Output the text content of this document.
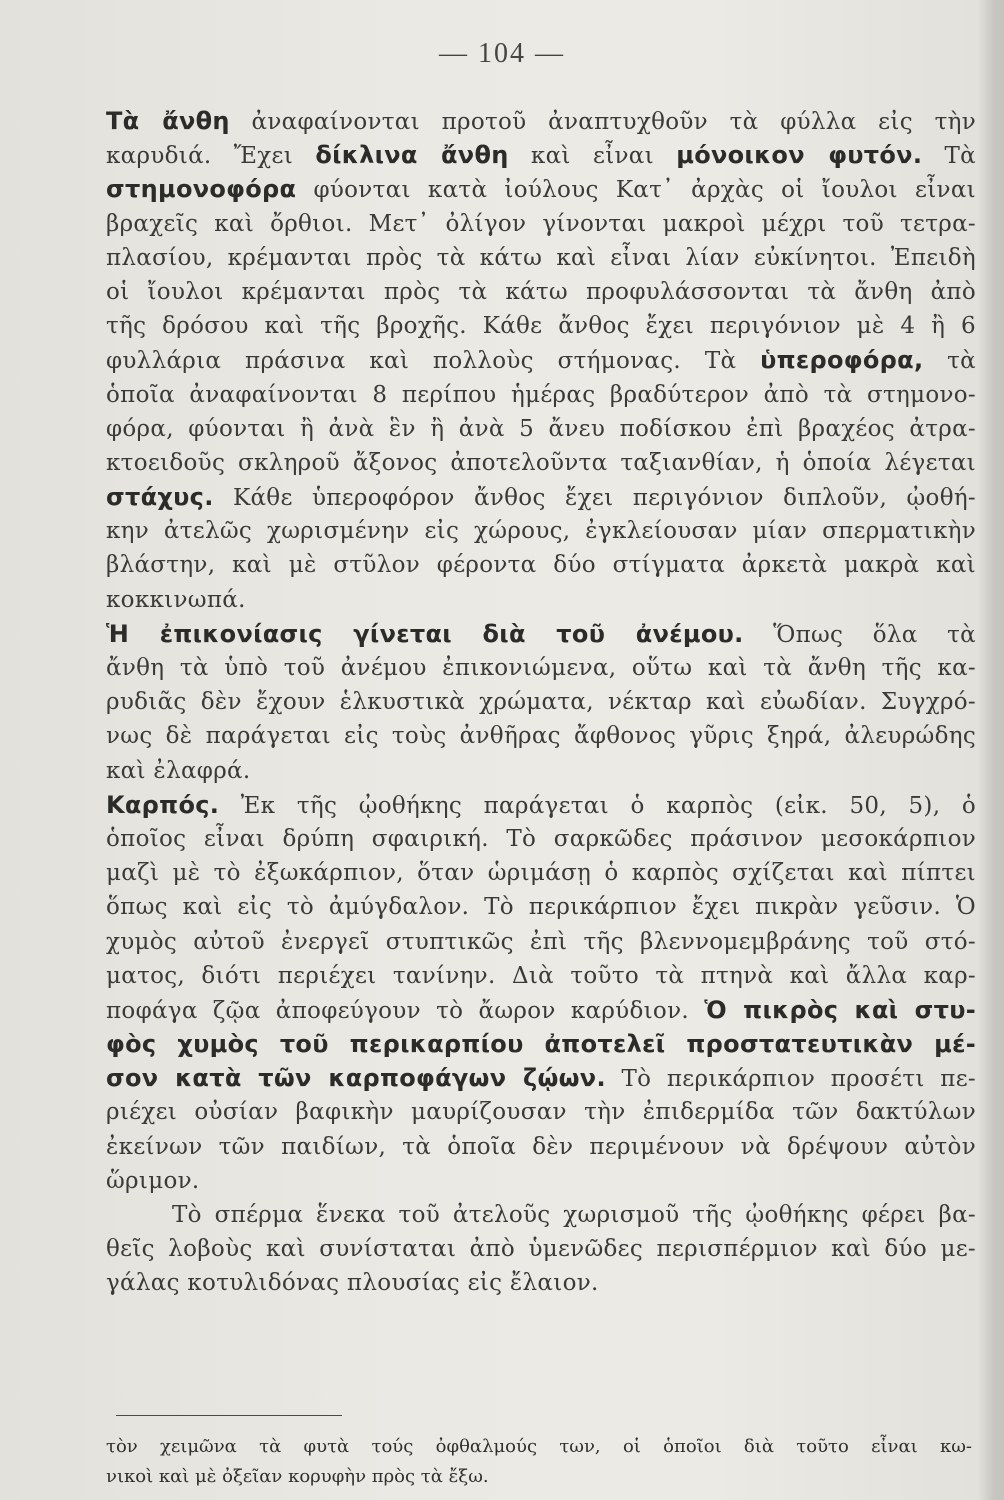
— 104 —
Τὰ ἄνθη ἀναφαίνονται προτοῦ ἀναπτυχθοῦν τὰ φύλλα εἰς τὴν
καρυδιά. Ἔχει δίκλινα ἄνθη καὶ εἶναι μόνοικον φυτόν. Τὰ
στημονοφόρα φύονται κατὰ ἰούλους Κατ᾿ ἀρχὰς οἱ ἴουλοι εἶναι
βραχεῖς καὶ ὄρθιοι. Μετ᾿ ὀλίγον γίνονται μακροὶ μέχρι τοῦ τετρα-
πλασίου, κρέμανται πρὸς τὰ κάτω καὶ εἶναι λίαν εὐκίνητοι. Ἐπειδὴ
οἱ ἴουλοι κρέμανται πρὸς τὰ κάτω προφυλάσσονται τὰ ἄνθη ἀπὸ
τῆς δρόσου καὶ τῆς βροχῆς. Κάθε ἄνθος ἔχει περιγόνιον μὲ 4 ἢ 6
φυλλάρια πράσινα καὶ πολλοὺς στήμονας. Τὰ ὑπεροφόρα, τὰ
ὁποῖα ἀναφαίνονται 8 περίπου ἡμέρας βραδύτερον ἀπὸ τὰ στημονο-
φόρα, φύονται ἢ ἀνὰ ἓν ἢ ἀνὰ 5 ἄνευ ποδίσκου ἐπὶ βραχέος ἀτρα-
κτοειδοῦς σκληροῦ ἄξονος ἀποτελοῦντα ταξιανθίαν, ἡ ὁποία λέγεται
στάχυς. Κάθε ὑπεροφόρον ἄνθος ἔχει περιγόνιον διπλοῦν, ᾠοθή-
κην ἀτελῶς χωρισμένην εἰς χώρους, ἐγκλείουσαν μίαν σπερματικὴν
βλάστην, καὶ μὲ στῦλον φέροντα δύο στίγματα ἀρκετὰ μακρὰ καὶ
κοκκινωπά.
Ἡ ἐπικονίασις γίνεται διὰ τοῦ ἀνέμου. Ὅπως ὅλα τὰ
ἄνθη τὰ ὑπὸ τοῦ ἀνέμου ἐπικονιώμενα, οὕτω καὶ τὰ ἄνθη τῆς κα-
ρυδιᾶς δὲν ἔχουν ἑλκυστικὰ χρώματα, νέκταρ καὶ εὐωδίαν. Συγχρό-
νως δὲ παράγεται εἰς τοὺς ἀνθῆρας ἄφθονος γῦρις ξηρά, ἀλευρώδης
καὶ ἐλαφρά.
Καρπός. Ἐκ τῆς ᾠοθήκης παράγεται ὁ καρπὸς (εἰκ. 50, 5), ὁ
ὁποῖος εἶναι δρύπη σφαιρική. Τὸ σαρκῶδες πράσινον μεσοκάρπιον
μαζὶ μὲ τὸ ἐξωκάρπιον, ὅταν ὡριμάσῃ ὁ καρπὸς σχίζεται καὶ πίπτει
ὅπως καὶ εἰς τὸ ἀμύγδαλον. Τὸ περικάρπιον ἔχει πικρὰν γεῦσιν. Ὁ
χυμὸς αὐτοῦ ἐνεργεῖ στυπτικῶς ἐπὶ τῆς βλεννομεμβράνης τοῦ στό-
ματος, διότι περιέχει τανίνην. Διὰ τοῦτο τὰ πτηνὰ καὶ ἄλλα καρ-
ποφάγα ζῷα ἀποφεύγουν τὸ ἄωρον καρύδιον. Ὁ πικρὸς καὶ στυ-
φὸς χυμὸς τοῦ περικαρπίου ἀποτελεῖ προστατευτικὰν μέ-
σον κατὰ τῶν καρποφάγων ζῴων. Τὸ περικάρπιον προσέτι πε-
ριέχει οὐσίαν βαφικὴν μαυρίζουσαν τὴν ἐπιδερμίδα τῶν δακτύλων
ἐκείνων τῶν παιδίων, τὰ ὁποῖα δὲν περιμένουν νὰ δρέψουν αὐτὸν
ὥριμον.
Τὸ σπέρμα ἕνεκα τοῦ ἀτελοῦς χωρισμοῦ τῆς ᾠοθήκης φέρει βα-
θεῖς λοβοὺς καὶ συνίσταται ἀπὸ ὑμενῶδες περισπέρμιον καὶ δύο με-
γάλας κοτυλιδόνας πλουσίας εἰς ἔλαιον.
τὸν χειμῶνα τὰ φυτὰ τούς ὀφθαλμούς των, οἱ ὁποῖοι διὰ τοῦτο εἶναι κω-
νικοὶ καὶ μὲ ὀξεῖαν κορυφὴν πρὸς τὰ ἔξω.
